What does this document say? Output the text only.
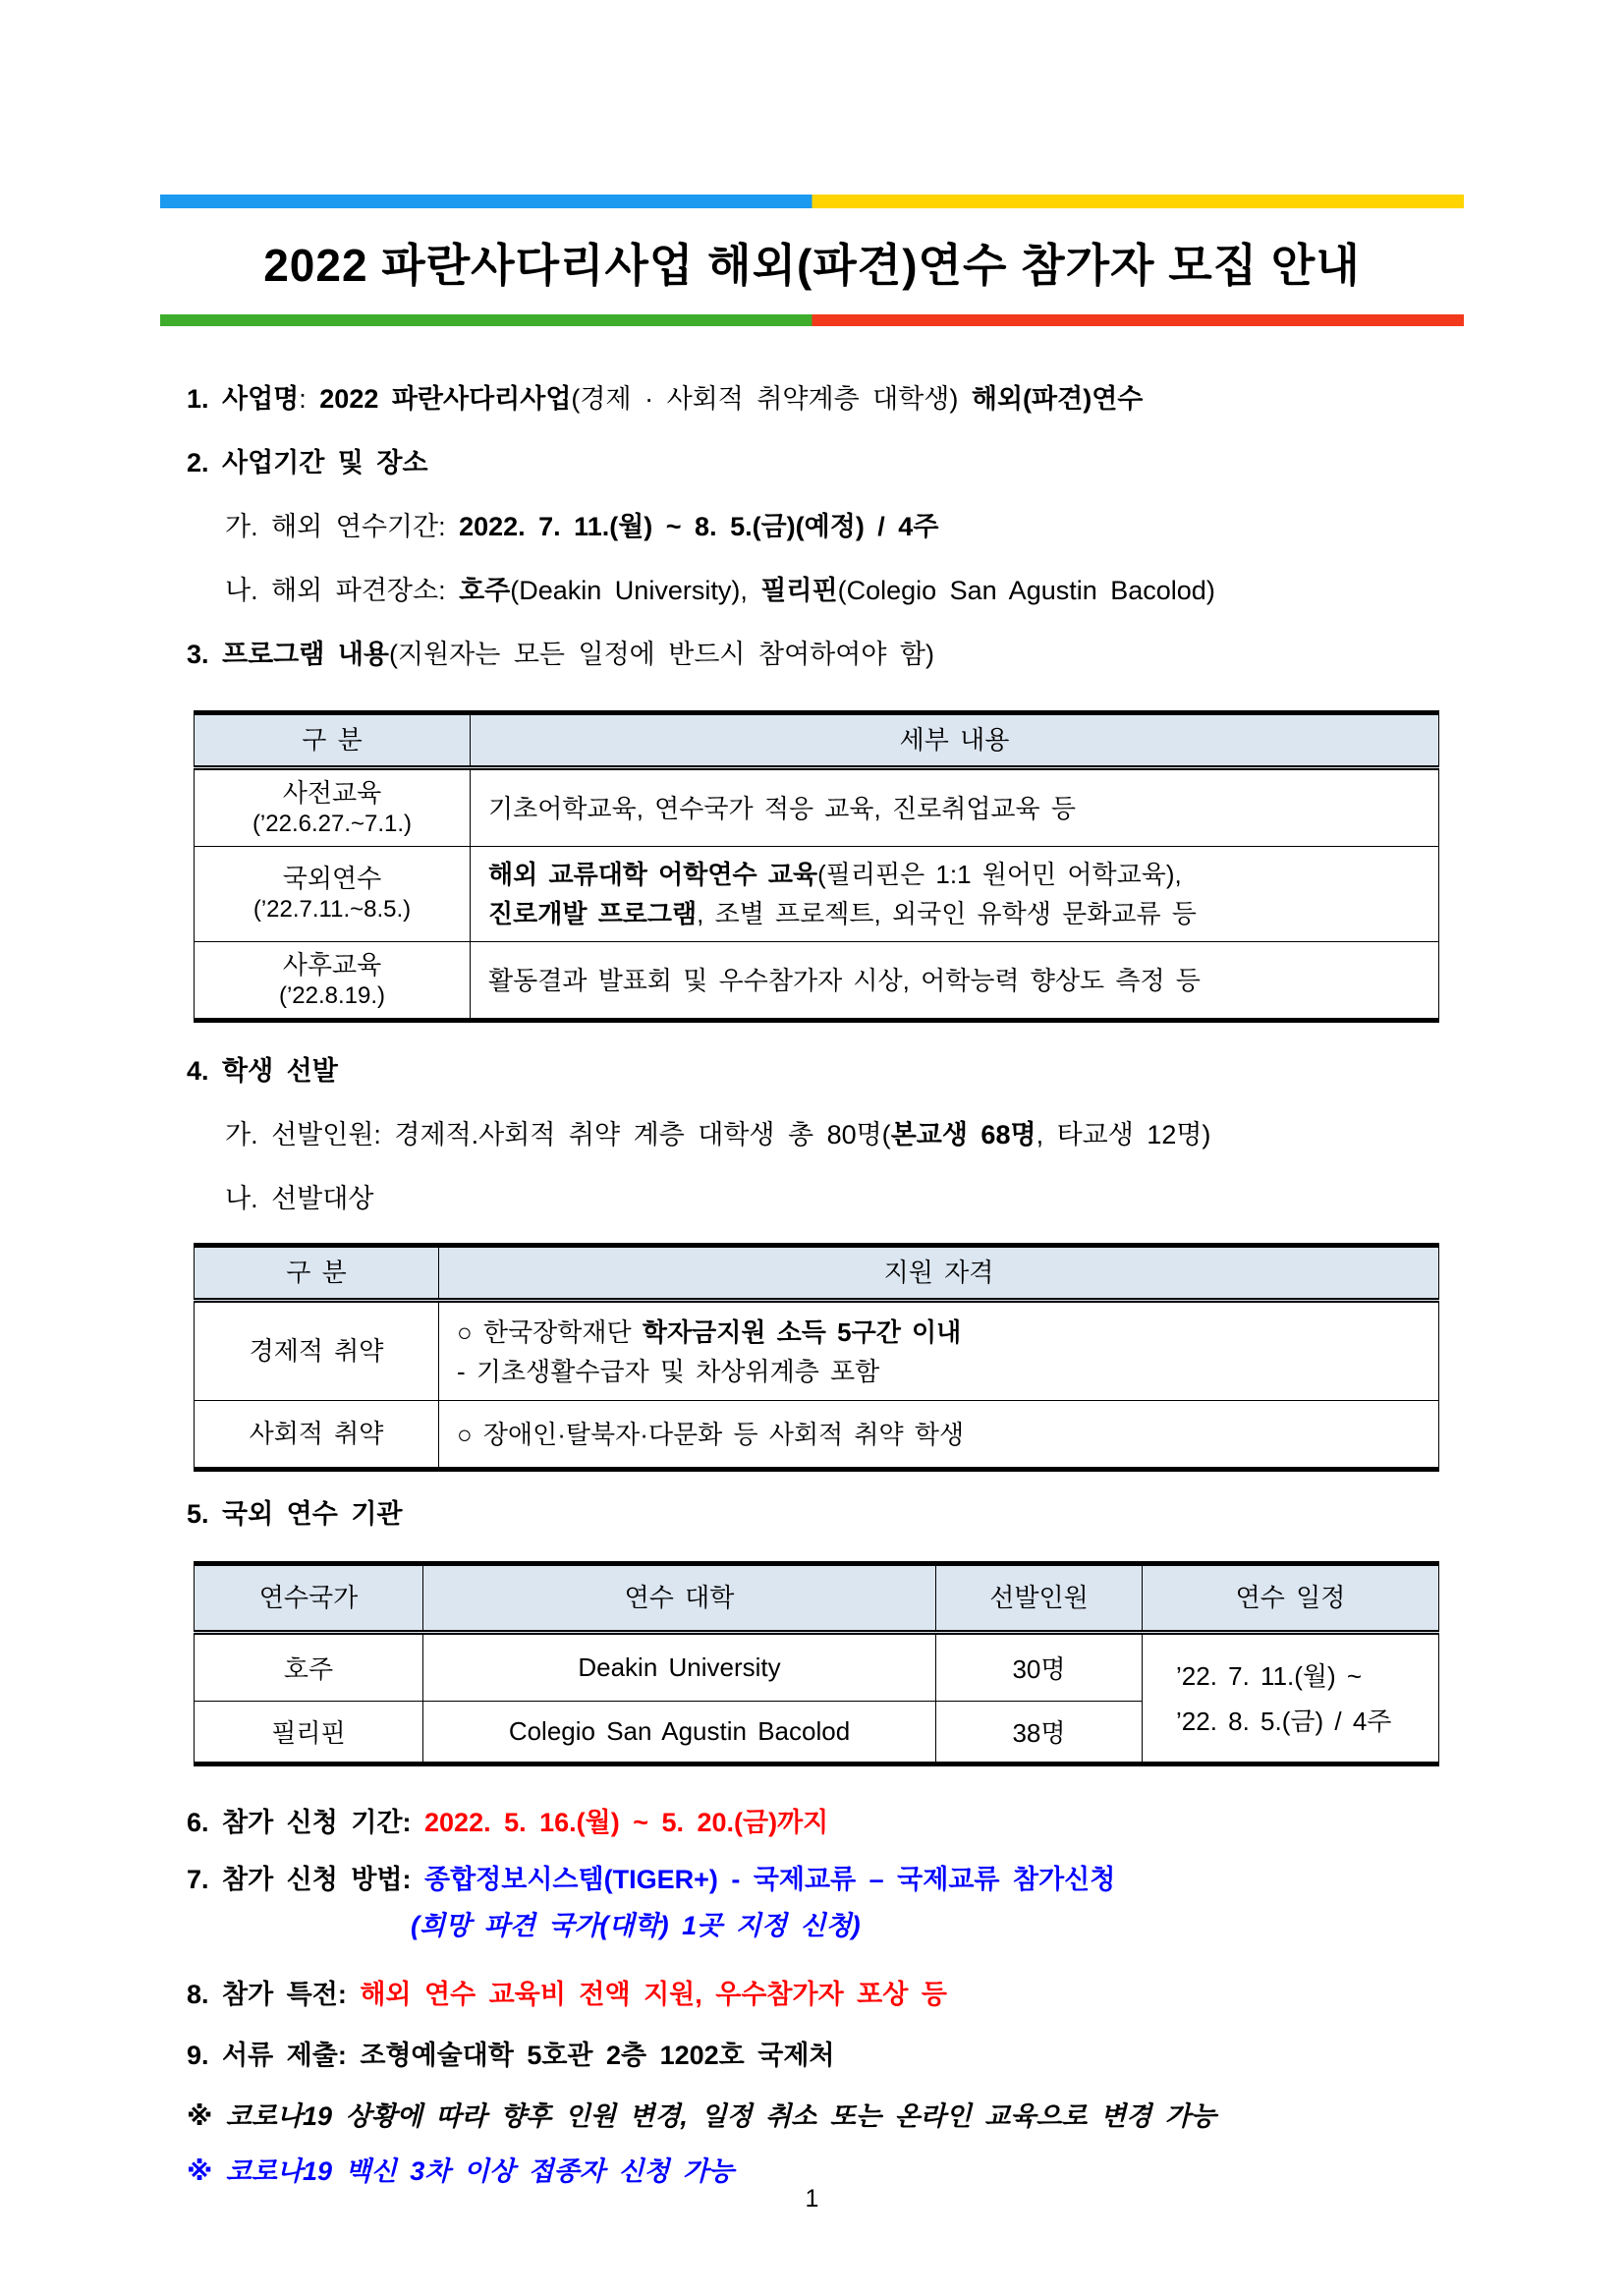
2022 파란사다리사업 해외(파견)연수 참가자 모집 안내
1. 사업명: 2022 파란사다리사업(경제 · 사회적 취약계층 대학생) 해외(파견)연수
2. 사업기간 및 장소
가. 해외 연수기간: 2022. 7. 11.(월) ~ 8. 5.(금)(예정) / 4주
나. 해외 파견장소: 호주(Deakin University), 필리핀(Colegio San Agustin Bacolod)
3. 프로그램 내용(지원자는 모든 일정에 반드시 참여하여야 함)
구 분	세부 내용

사전교육
(’22.6.27.~7.1.)	기초어학교육, 연수국가 적응 교육, 진로취업교육 등

국외연수
(’22.7.11.~8.5.)
	해외 교류대학 어학연수 교육(필리핀은 1:1 원어민 어학교육),
진로개발 프로그램, 조별 프로젝트, 외국인 유학생 문화교류 등

사후교육
(’22.8.19.)	활동결과 발표회 및 우수참가자 시상, 어학능력 향상도 측정 등
4. 학생 선발
가. 선발인원: 경제적.사회적 취약 계층 대학생 총 80명(본교생 68명, 타교생 12명)
나. 선발대상
구 분	지원 자격
경제적 취약	○ 한국장학재단 학자금지원 소득 5구간 이내
- 기초생활수급자 및 차상위계층 포함
사회적 취약	○ 장애인·탈북자·다문화 등 사회적 취약 학생
5. 국외 연수 기관
연수국가	연수 대학	선발인원	연수 일정
호주	Deakin University	30명	’22. 7. 11.(월) ~
’22. 8. 5.(금) / 4주
필리핀	Colegio San Agustin Bacolod	38명	
6. 참가 신청 기간: 2022. 5. 16.(월) ~ 5. 20.(금)까지
7. 참가 신청 방법: 종합정보시스템(TIGER+) - 국제교류 – 국제교류 참가신청
(희망 파견 국가(대학) 1곳 지정 신청)
8. 참가 특전: 해외 연수 교육비 전액 지원, 우수참가자 포상 등
9. 서류 제출: 조형예술대학 5호관 2층 1202호 국제처
※ 코로나19 상황에 따라 향후 인원 변경, 일정 취소 또는 온라인 교육으로 변경 가능
※ 코로나19 백신 3차 이상 접종자 신청 가능
1
